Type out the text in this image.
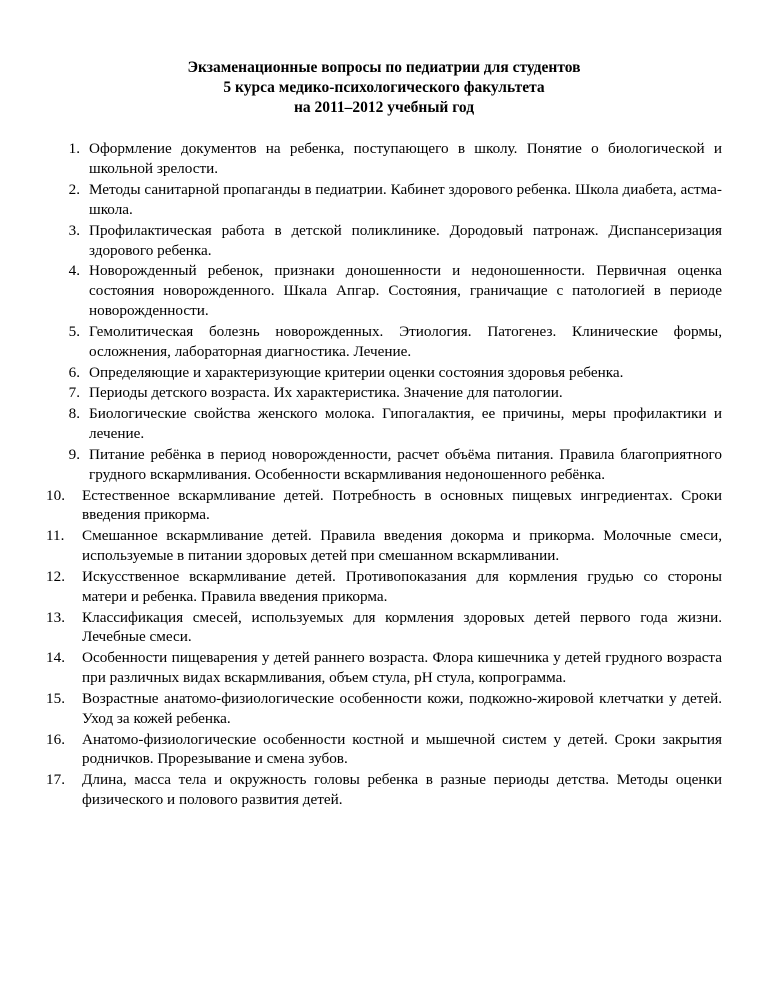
Экзаменационные вопросы по педиатрии для студентов
5 курса медико-психологического факультета
на 2011–2012 учебный год
Оформление документов на ребенка, поступающего в школу. Понятие о биологической и школьной зрелости.
Методы санитарной пропаганды в педиатрии. Кабинет здорового ребенка. Школа диабета, астма-школа.
Профилактическая работа в детской поликлинике. Дородовый патронаж. Диспансеризация здорового ребенка.
Новорожденный ребенок, признаки доношенности и недоношенности. Первичная оценка состояния новорожденного. Шкала Апгар. Состояния, граничащие с патологией в периоде новорожденности.
Гемолитическая болезнь новорожденных. Этиология. Патогенез. Клинические формы, осложнения, лабораторная диагностика. Лечение.
Определяющие и характеризующие критерии оценки состояния здоровья ребенка.
Периоды детского возраста. Их характеристика. Значение для патологии.
Биологические свойства женского молока. Гипогалактия, ее причины, меры профилактики и лечение.
Питание ребёнка в период новорожденности, расчет объёма питания. Правила благоприятного грудного вскармливания. Особенности вскармливания недоношенного ребёнка.
Естественное вскармливание детей. Потребность в основных пищевых ингредиентах. Сроки введения прикорма.
Смешанное вскармливание детей. Правила введения докорма и прикорма. Молочные смеси, используемые в питании здоровых детей при смешанном вскармливании.
Искусственное вскармливание детей. Противопоказания для кормления грудью со стороны матери и ребенка. Правила введения прикорма.
Классификация смесей, используемых для кормления здоровых детей первого года жизни. Лечебные смеси.
Особенности пищеварения у детей раннего возраста. Флора кишечника у детей грудного возраста при различных видах вскармливания, объем стула, рН стула, копрограмма.
Возрастные анатомо-физиологические особенности кожи, подкожно-жировой клетчатки у детей. Уход за кожей ребенка.
Анатомо-физиологические особенности костной и мышечной систем у детей. Сроки закрытия родничков. Прорезывание и смена зубов.
Длина, масса тела и окружность головы ребенка в разные периоды детства. Методы оценки физического и полового развития детей.
